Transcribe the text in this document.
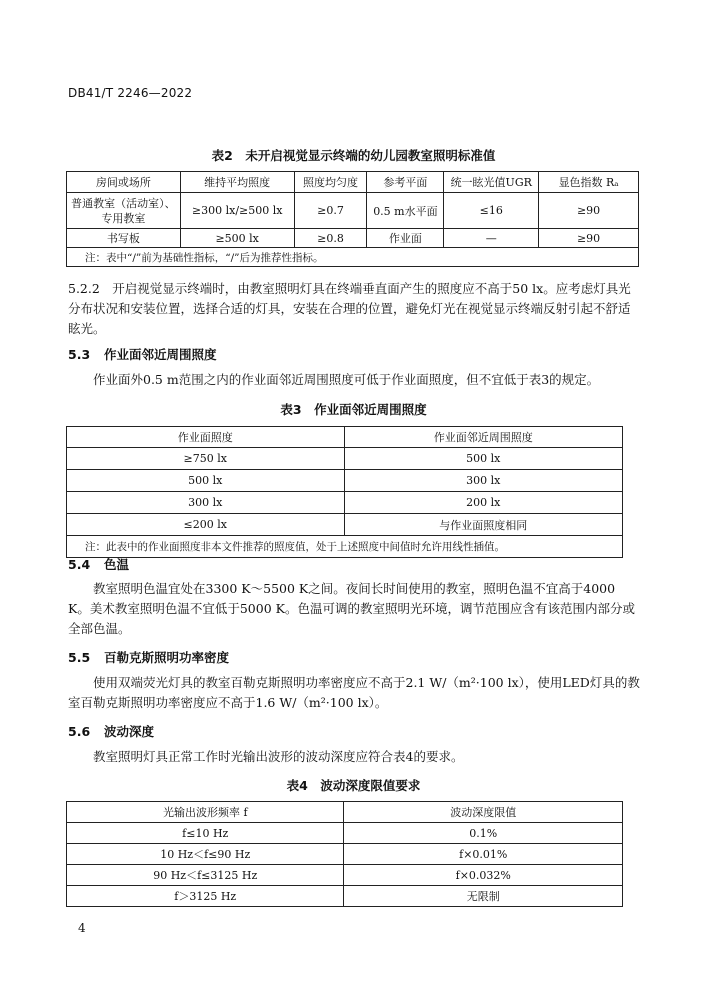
DB41/T 2246—2022
表2　未开启视觉显示终端的幼儿园教室照明标准值
房间或场所	维持平均照度	照度均匀度	参考平面	统一眩光值UGR	显色指数 Rₐ
普通教室（活动室）、专用教室	≥300 lx/≥500 lx	≥0.7	0.5 m水平面	≤16	≥90
书写板	≥500 lx	≥0.8	作业面	—	≥90
注：表中“/”前为基础性指标，“/”后为推荐性指标。					
5.2.2　开启视觉显示终端时，由教室照明灯具在终端垂直面产生的照度应不高于50 lx。应考虑灯具光分布状况和安装位置，选择合适的灯具，安装在合理的位置，避免灯光在视觉显示终端反射引起不舒适眩光。
5.3 作业面邻近周围照度
作业面外0.5 m范围之内的作业面邻近周围照度可低于作业面照度，但不宜低于表3的规定。
表3　作业面邻近周围照度
作业面照度	作业面邻近周围照度
≥750 lx	500 lx
500 lx	300 lx
300 lx	200 lx
≤200 lx	与作业面照度相同
注：此表中的作业面照度非本文件推荐的照度值，处于上述照度中间值时允许用线性插值。	
5.4 色温
教室照明色温宜处在3300 K～5500 K之间。夜间长时间使用的教室，照明色温不宜高于4000 K。美术教室照明色温不宜低于5000 K。色温可调的教室照明光环境，调节范围应含有该范围内部分或全部色温。
5.5 百勒克斯照明功率密度
使用双端荧光灯具的教室百勒克斯照明功率密度应不高于2.1 W/（m²·100 lx），使用LED灯具的教室百勒克斯照明功率密度应不高于1.6 W/（m²·100 lx）。
5.6 波动深度
教室照明灯具正常工作时光输出波形的波动深度应符合表4的要求。
表4　波动深度限值要求
光输出波形频率 f	波动深度限值
f≤10 Hz	0.1%
10 Hz＜f≤90 Hz	f×0.01%
90 Hz＜f≤3125 Hz	f×0.032%
f＞3125 Hz	无限制
4
